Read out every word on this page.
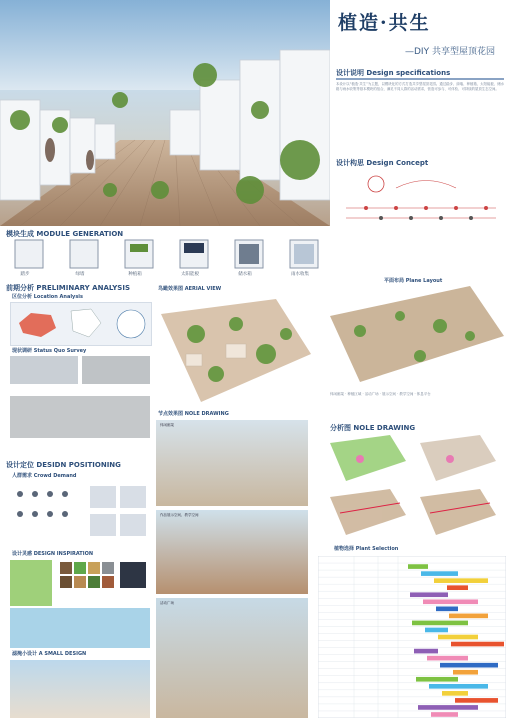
植造·共生
—DIY 共享型屋顶花园
设计说明 Design specifications
本设计以“植造·共生”为主题，以模块化的方式打造共享型屋顶花园。通过踏步、绿墙、种植箱、太阳能板、储水箱与雨水收集等基本模块的组合，满足不同人群的活动需求，营造可参与、可体验、可持续的屋顶生态空间。
设计构思 Design Concept
模块生成 MODULE GENERATION
踏步	绿墙	种植箱	太阳能板	储水箱	雨水收集
前期分析 PRELIMINARY ANALYSIS
区位分析 Location Analysis
现状调研 Status Quo Survey
设计定位 DESIDN POSITIONING
人群需求 Crowd Demand
设计灵感 DESIGN INSPIRATION
滤掩小设计 A SMALL DESIGN
鸟瞰效果图 AERIAL VIEW
节点效果图 NOLE DRAWING
休闲廊架
作品展示空间、教学空间
活动广场
平面布局 Plane Layout
休闲廊架 · 种植区域 · 活动广场 · 展示空间 · 教学空间 · 休息平台
分析图 NOLE DRAWING
植物选择 Plant Selection
